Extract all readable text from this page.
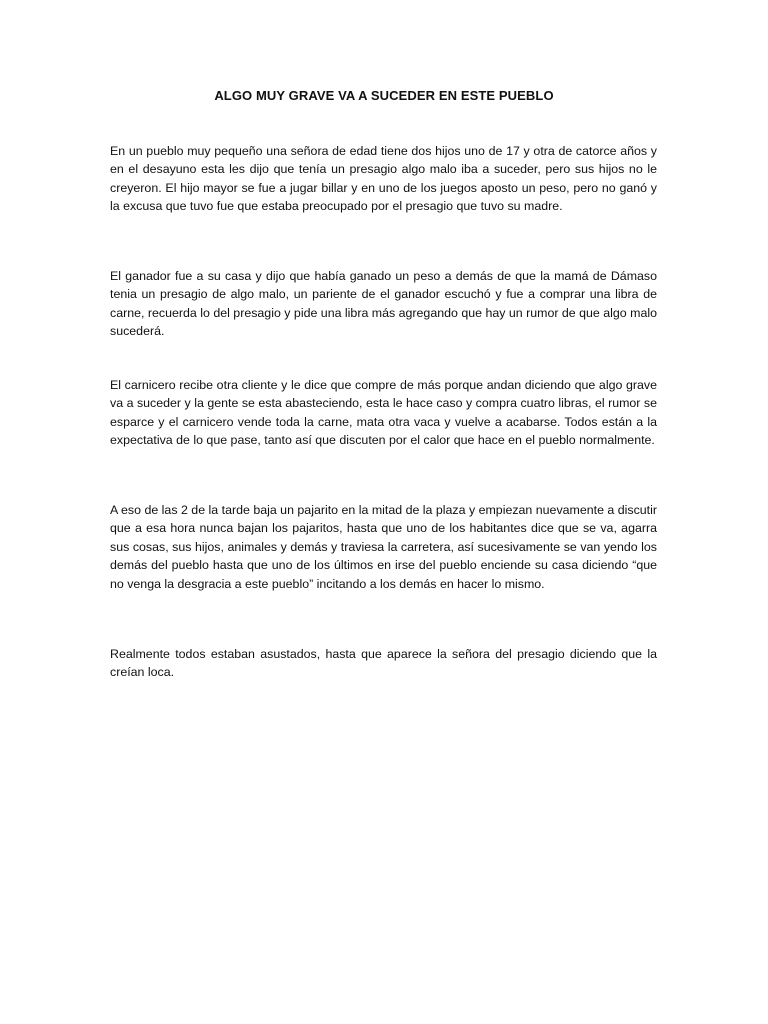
ALGO MUY GRAVE VA A SUCEDER EN ESTE PUEBLO

En un pueblo muy pequeño una señora de edad tiene dos hijos uno de 17 y otra de catorce años y en el desayuno esta les dijo que tenía un presagio algo malo iba a suceder, pero sus hijos no le creyeron. El hijo mayor se fue a jugar billar y en uno de los juegos aposto un peso, pero no ganó y la excusa que tuvo fue que estaba preocupado por el presagio que tuvo su madre.

El ganador fue a su casa y dijo que había ganado un peso a demás de que la mamá de Dámaso tenia un presagio de algo malo, un pariente de el ganador escuchó y fue a comprar una libra de carne, recuerda lo del presagio y pide una libra más agregando que hay un rumor de que algo malo sucederá.

El carnicero recibe otra cliente y le dice que compre de más porque andan diciendo que algo grave va a suceder y la gente se esta abasteciendo, esta le hace caso y compra cuatro libras, el rumor se esparce y el carnicero vende toda la carne, mata otra vaca y vuelve a acabarse. Todos están a la expectativa de lo que pase, tanto así que discuten por el calor que hace en el pueblo normalmente.

A eso de las 2 de la tarde baja un pajarito en la mitad de la plaza y empiezan nuevamente a discutir que a esa hora nunca bajan los pajaritos, hasta que uno de los habitantes dice que se va, agarra sus cosas, sus hijos, animales y demás y traviesa la carretera, así sucesivamente se van yendo los demás del pueblo hasta que uno de los últimos en irse del pueblo enciende su casa diciendo “que no venga la desgracia a este pueblo” incitando a los demás en hacer lo mismo.

Realmente todos estaban asustados, hasta que aparece la señora del presagio diciendo que la creían loca.
